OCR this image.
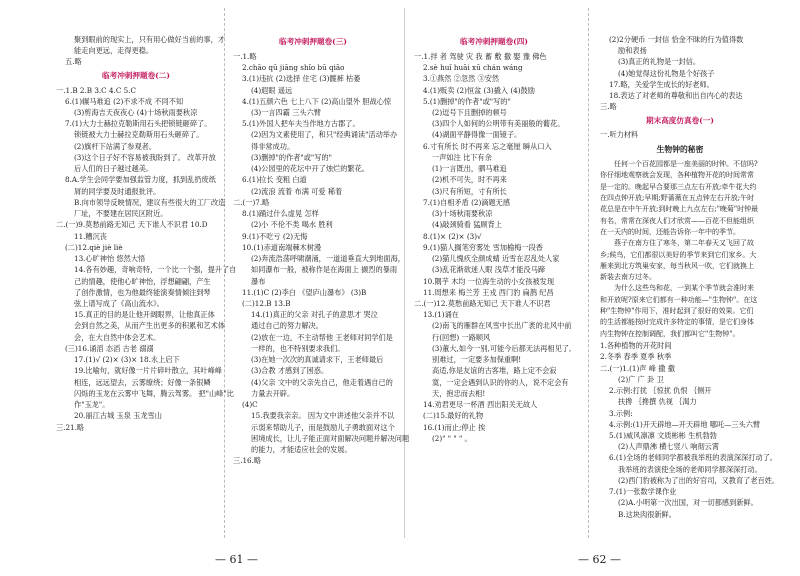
聚到眼前的现实上，只有用心做好当前的事，才
能走向更远，走得更稳。
五.略
临考冲刺押题卷(二)
一.1.B 2.B 3.C 4.C 5.C
6.(1)辗马难追 (2)不求不成 不同不知
(3)剪海吉天夜夜心 (4)十场秋雨要秋凉
7.(1)大力士赫拉克勒斯用石头把锁链砸碎了。
锁链被大力士赫拉克勒斯用石头砸碎了。
(2)旗杆下站满了参观者。
(3)这个日子好不容易被我盼到了。 改革开放
后人们的日子越过越美。
8.A.学生会同学要加强监管力度，抓到乱扔废纸
屑的同学要及时通报批评。
B.向市领导反映情况，建议有些很大的工厂改造
厂址，不要建在居民区附近。
二.(一)9.莫愁前路无知己 天下谁人不识君 10.D
11.糟沉丧
(二)12.qiè jiè liè
13.心旷神怡 悠然大悟
14.各有妙趣，奇响奇特，一个比一个强，提升了自
己的情趣，使他心旷神怡，浮想翩翩，产生
了创作激情，也为他最终能演奏情倾注到琴
弦上谱写成了《高山流水》。
15.真正的目的是让他开阔眼界，让他真正体
会到自然之美，从而产生出更多的积累和艺术体
会，在大自然中体会艺术。
(三)16.诵滔 态滔 古老 溺溺
17.(1)√ (2)× (3)× 18.永上启下
19.比喻句，就好像一片片碎叶散立，其叶峰峰
相连，远远望去，云雾缭绕；好像一条银鳞
闪烁的玉龙在云雾中飞舞，腾云驾雾。 把"山峰"比
作"玉龙"。
20.丽江古城 玉泉 玉龙雪山
三.21.略
临考冲刺押题卷(三)
一.1.略
2.chāo qū jiāng shǐo bū qiāo
3.(1)违抗 (2)选择 住宅 (3)髋裤 枯萎
(4)遐眼 遥远
4.(1)五颜六色 七上八下 (2)高山望外 胆战心惊
(3)一言四霸 三头六臂
5.(1)外国人把车夫当作地方古郡了。
(2)因为文素使用了，和只"经典诵读"活动举办
得非常成功。
(3)删掉"的作者"或"写的"
(4)公园里的花坛中开了烛烂的繁花。
6.(1)拉长 变粗 白道
(2)流浪 流着 布满 可爱 稀着
二.(一)7.略
8.(1)踊过什么虚晃 怎样
(2)小 不伦不类 喝水 胜利
9.(1)不吃亏 (2)无悔
10.(1)赤道南端棘木树漫
(2)奔流浩荡呼啸潮涌，一道道垂直大到地面海，
如同瀑布一般，被称作是在海面上 撷烈的暴雨
瀑布
11.(1)C (2)李白 《望庐山瀑布》 (3)B
(二)12.B 13.B
14.(1)真正的父亲 对孔子的意思才 哭泣
通过自己的努力解决。
(2)放在一边，不主动帮他 王老师对同学们是
一样的，也不特别要求我们。
(3)在她一次次的真诚请求下，王老师最后
(3)合教 才感到了困惑。
(4)父亲 文中的父亲先自己，他走着遇自已的
力量去开辟。
(4)C
15.我要我亲亲。 因为文中讲述他父亲并不以
示弱来帮助儿子，而是鼓励儿子勇敢面对这个
困境成长，让儿子能正面对面解决问题并解决问题
的能力，才能适应社会的发展。
三.16.略
临考冲刺押题卷(四)
一.1.拌 者 驾驶 灾 我 蓄 敷 撒 娶 豫 佛色
2.sè huǐ huāi xū chán wáng
3.①燕然 ②忽然 ③安然
4.(1)贩卖 (2)恒盆 (3)撬入 (4)鼓励
5.(1)删掉"的作者"或"写的"
(2)逗号下且删掉的顿号
(3)四个人如何的公明带有美丽般的葡花。
(4)湖面平静得像一面镜子。
6.寸有所长 时不再来 忘之毫厘 瞬从口入
一声如注 比下有余
(1)一言既出，驷马难追
(2)机不可失，时不再来
(3)尺有所短，寸有所长
7.(1)自相矛盾 (2)滴题无感
(3)十场秋雨要秋凉
(4)敲颈骑看 猛顾背上
8.(1)× (2)× (3)√
9.(1)猫人搁笔穷雾处 雪加榆梅一段香
(2)猫儿愧疚全颜成蜻 近雪在忍乱处人家
(3)乱花渐欲迷人眼 浅草才能没马蹄
10.隅芋 木均 一位海生动的小女孩被发现
11.周想来 梅兰芳 王戎 西门豹 扁鹊 纪昌
二.(一)12.莫愁前路无知己 天下谁人不识君
13.(1)诵在
(2)南飞的雁群在风雪中长出广袤的北风中前
行(回想) 一路顺风
(3)董大,如今一别,可能今后都无法再相见了,
别难过，一定要多加保重啊!
高适,你是友谊的古客堆，路上定不会寂
寞，一定会遇到认识的你的人，说不定会有
天，抱忠而去相!
14.劝君更尽一杯酒 西出阳关无故人
(二)15.最好的礼物
16.(1)而止;停止 挨
(2)" " " " 。
(2)2分硬币 一封信 恰金不昧的行为值得数
励和表扬
(3)真正的礼物是一封信。
(4)她觉得这份礼物是个好孩子
17.略，关爱学生成长的好老师。
18.表达了对老师的尊敬和出自内心的表达
三.略
期末高度仿真卷(一)
一.听力材料
生物钟的秘密
任何一个百花园都是一座美丽的时钟。不信吗?你仔细地观察就会发现，各种植物开花的时间常常是一定的。晚起早合要那三点左右开放;牵牛花大约在四点钟开放;早期;野蔷薇在五点钟左右开放;午时花总是在中午开放;到时晚上九点左右;"晚菊"时钟最有名，常常在深夜人们才欣赏——百花不但能组织在一天内的时间，还能告诉你一年中的季节。
燕子在南方住了寒冬，第二年春天又飞回了故乡;候鸟，它们都很以美好的季节来到它们家乡。大雁来到北方筑巢安家，每当秋风一吹，它们就换上新装去南方过冬。
为什么这些鸟和花，一到某个季节就会准时来和开放呢?原来它们都有一种功能—"生物钟"。在这种"生物钟"作用下，准时起到了很好的效果。它们的生活都能按时完成许多特定的事情，是它们身体内生物钟在控制调配，我们都叫它"生物钟"。
1.各种植物的开花时间
2.冬季 春季 夏季 秋季
二.(一)1.(1)声 峰 撒 撒
(2)广 广 卦 卫
2.示例:打扰 ｛惊扰 仇恨 ｛侧开
扶搀 ｛搀撰 仇视 ｛渴力
3.示例:
4.示例:(1)开天辟地—开天辟地 哪吒—三头六臂
5.(1)威风凛凛 文质彬彬 生机勃勃
(2)人声鼎沸 横七竖八 响彻云霄
6.(1)全场的老师同学都被我举班的表演深深打动了。
我举班的表演使全场的老师同学都深深打动。
(2)西门豹被称为了出的好官司，又教育了老百姓。
7.(1)一张数学课作业
(2)A.小明第一次出国，对一切都感到新鲜。
B.这块肉很新鲜。
— 61 —	— 62 —
